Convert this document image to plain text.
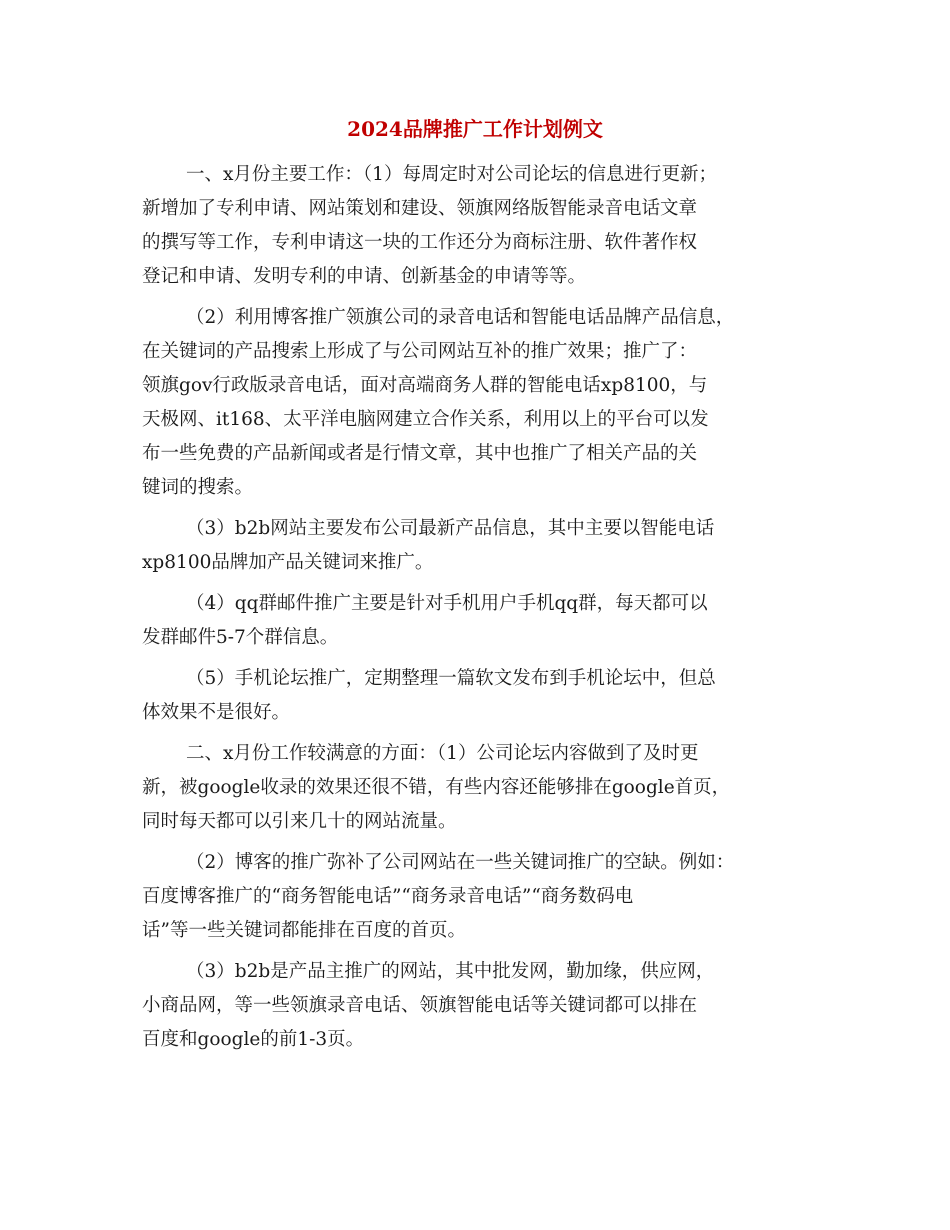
2024品牌推广工作计划例文
一、x月份主要工作：（1）每周定时对公司论坛的信息进行更新；
新增加了专利申请、网站策划和建设、领旗网络版智能录音电话文章
的撰写等工作，专利申请这一块的工作还分为商标注册、软件著作权
登记和申请、发明专利的申请、创新基金的申请等等。
（2）利用博客推广领旗公司的录音电话和智能电话品牌产品信息，
在关键词的产品搜索上形成了与公司网站互补的推广效果；推广了：
领旗gov行政版录音电话，面对高端商务人群的智能电话xp8100，与
天极网、it168、太平洋电脑网建立合作关系，利用以上的平台可以发
布一些免费的产品新闻或者是行情文章，其中也推广了相关产品的关
键词的搜索。
（3）b2b网站主要发布公司最新产品信息，其中主要以智能电话
xp8100品牌加产品关键词来推广。
（4）qq群邮件推广主要是针对手机用户手机qq群，每天都可以
发群邮件5-7个群信息。
（5）手机论坛推广，定期整理一篇软文发布到手机论坛中，但总
体效果不是很好。
二、x月份工作较满意的方面：（1）公司论坛内容做到了及时更
新，被google收录的效果还很不错，有些内容还能够排在google首页，
同时每天都可以引来几十的网站流量。
（2）博客的推广弥补了公司网站在一些关键词推广的空缺。例如：
百度博客推广的“商务智能电话”“商务录音电话”“商务数码电
话”等一些关键词都能排在百度的首页。
（3）b2b是产品主推广的网站，其中批发网，勤加缘，供应网，
小商品网，等一些领旗录音电话、领旗智能电话等关键词都可以排在
百度和google的前1-3页。
